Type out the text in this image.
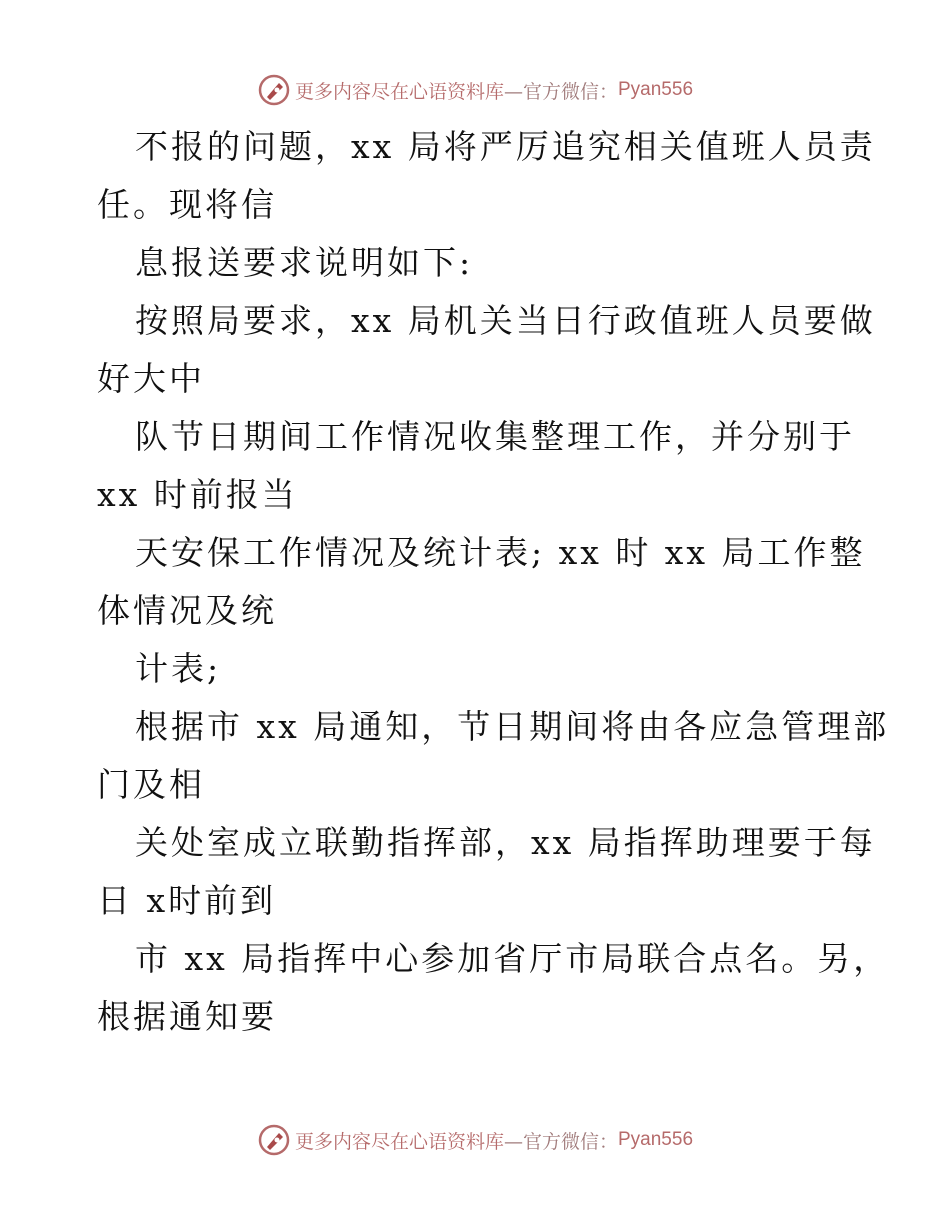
更多内容尽在心语资料库 —官方微信： Pyan556
不报的问题，xx 局将严厉追究相关值班人员责
任。现将信
息报送要求说明如下:
按照局要求，xx 局机关当日行政值班人员要做
好大中
队节日期间工作情况收集整理工作，并分别于
xx 时前报当
天安保工作情况及统计表; xx 时 xx 局工作整
体情况及统
计表;
根据市 xx 局通知，节日期间将由各应急管理部
门及相
关处室成立联勤指挥部，xx 局指挥助理要于每
日 x时前到
市 xx 局指挥中心参加省厅市局联合点名。另，
根据通知要
更多内容尽在心语资料库 —官方微信： Pyan556
